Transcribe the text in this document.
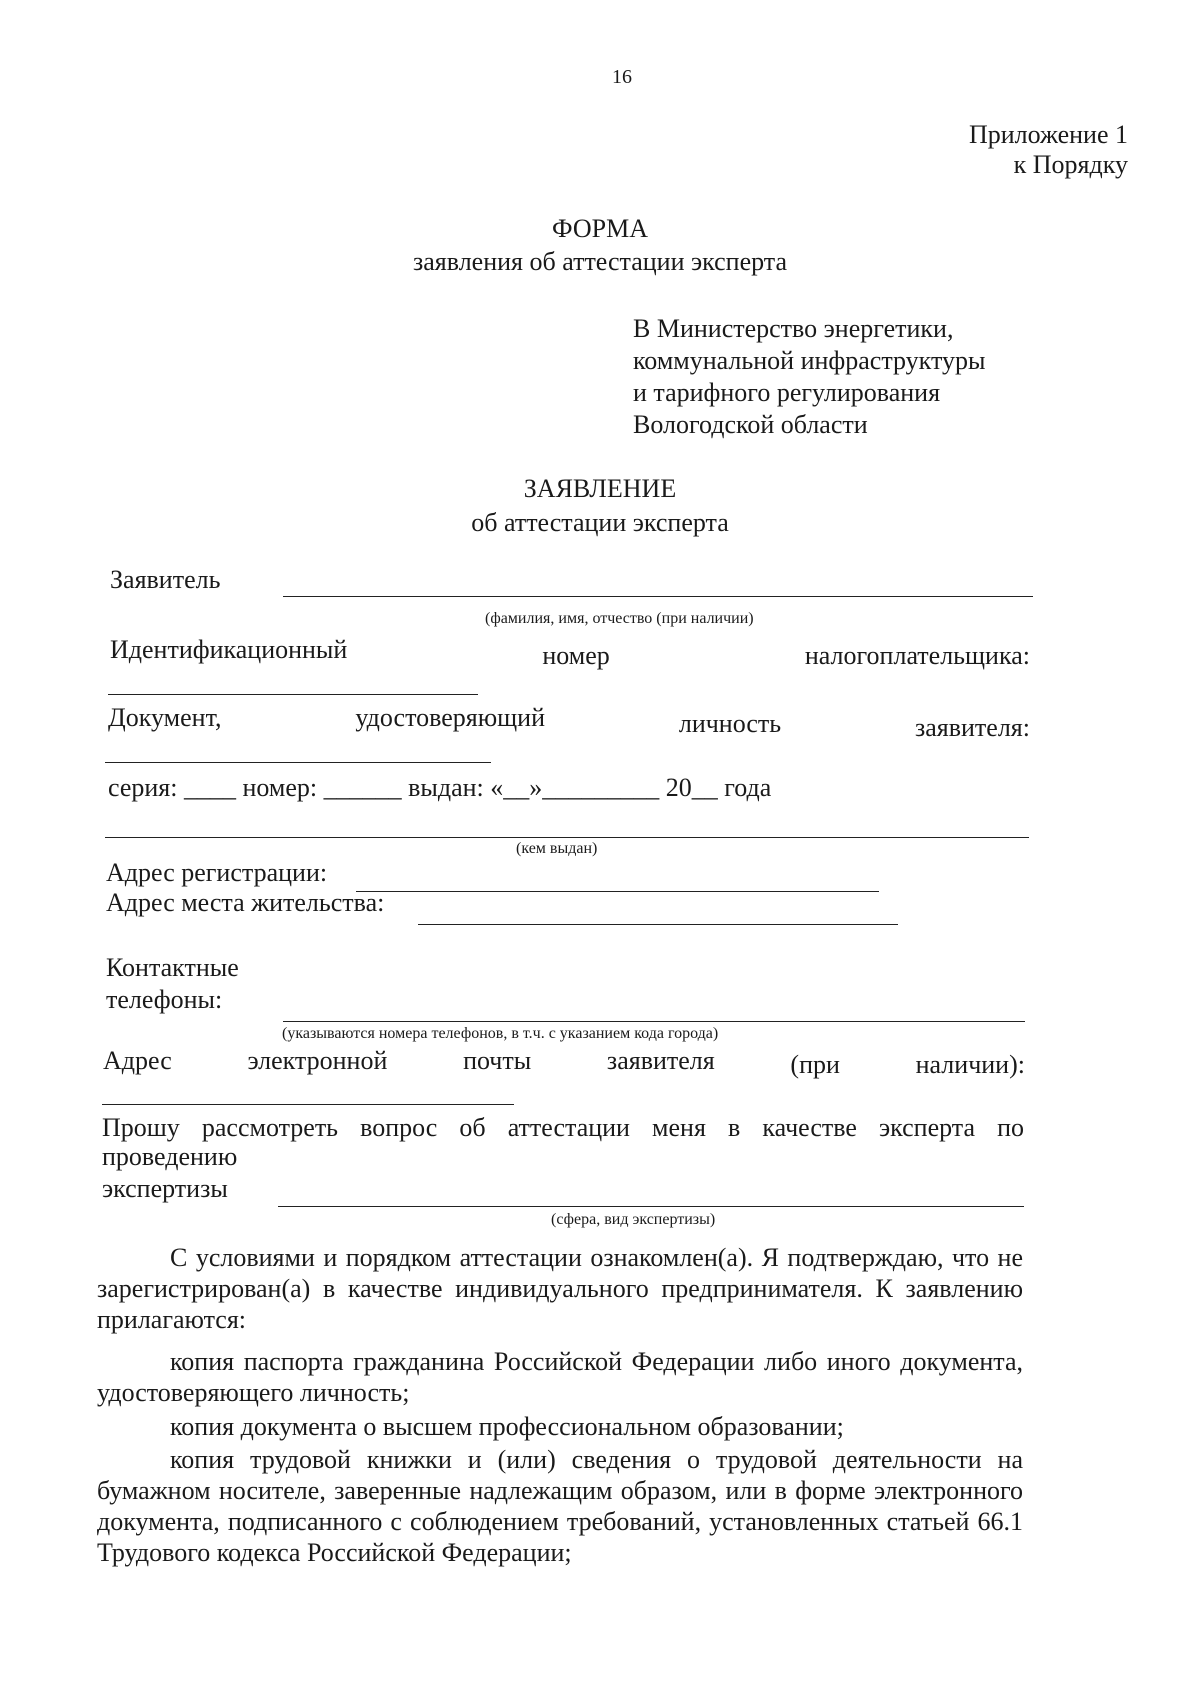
16
Приложение 1
к Порядку
ФОРМА
заявления об аттестации эксперта
В Министерство энергетики,
коммунальной инфраструктуры
и тарифного регулирования
Вологодской области
ЗАЯВЛЕНИЕ
об аттестации эксперта
Заявитель
(фамилия, имя, отчество (при наличии)
Идентификационный	номер	налогоплательщика:
Документ,	удостоверяющий	личность	заявителя:
серия: ____ номер: ______ выдан: «__»_________ 20__ года
(кем выдан)
Адрес регистрации:
Адрес места жительства:
Контактные
телефоны:
(указываются номера телефонов, в т.ч. с указанием кода города)
Адрес	электронной	почты	заявителя	(при	наличии):
Прошу рассмотреть вопрос об аттестации меня в качестве эксперта по
проведению
экспертизы
(сфера, вид экспертизы)
С условиями и порядком аттестации ознакомлен(а). Я подтверждаю, что не зарегистрирован(а) в качестве индивидуального предпринимателя. К заявлению прилагаются:
копия паспорта гражданина Российской Федерации либо иного документа, удостоверяющего личность;
копия документа о высшем профессиональном образовании;
копия трудовой книжки и (или) сведения о трудовой деятельности на бумажном носителе, заверенные надлежащим образом, или в форме электронного документа, подписанного с соблюдением требований, установленных статьей 66.1 Трудового кодекса Российской Федерации;
